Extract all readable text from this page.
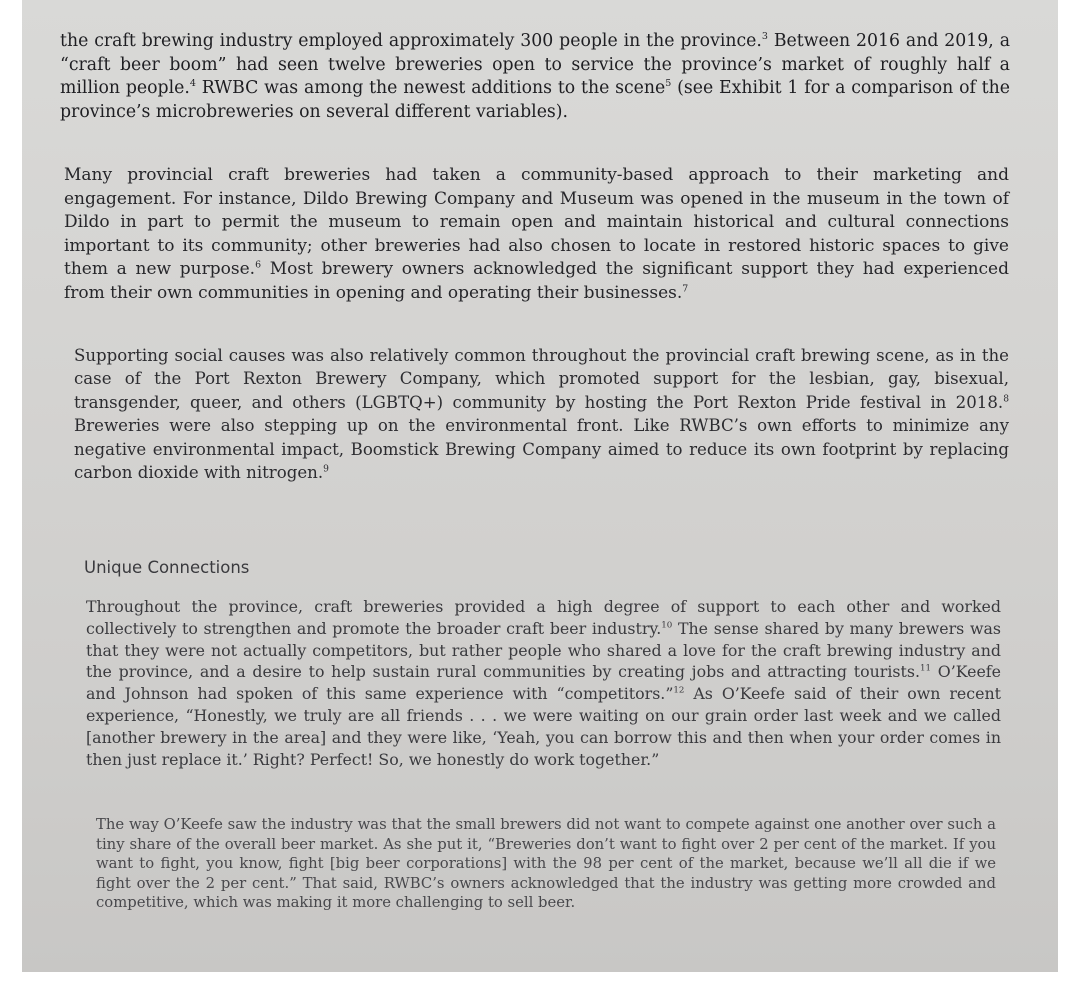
the craft brewing industry employed approximately 300 people in the province.$^3$ Between 2016 and 2019, a “craft beer boom” had seen twelve breweries open to service the province’s market of roughly half a million people.$^4$ RWBC was among the newest additions to the scene$^5$ (see Exhibit 1 for a comparison of the province’s microbreweries on several different variables).

Many provincial craft breweries had taken a community-based approach to their marketing and engagement. For instance, Dildo Brewing Company and Museum was opened in the museum in the town of Dildo in part to permit the museum to remain open and maintain historical and cultural connections important to its community; other breweries had also chosen to locate in restored historic spaces to give them a new purpose.$^6$ Most brewery owners acknowledged the significant support they had experienced from their own communities in opening and operating their businesses.$^7$

Supporting social causes was also relatively common throughout the provincial craft brewing scene, as in the case of the Port Rexton Brewery Company, which promoted support for the lesbian, gay, bisexual, transgender, queer, and others (LGBTQ+) community by hosting the Port Rexton Pride festival in 2018.$^8$ Breweries were also stepping up on the environmental front. Like RWBC’s own efforts to minimize any negative environmental impact, Boomstick Brewing Company aimed to reduce its own footprint by replacing carbon dioxide with nitrogen.$^9$

Unique Connections

Throughout the province, craft breweries provided a high degree of support to each other and worked collectively to strengthen and promote the broader craft beer industry.$^{10}$ The sense shared by many brewers was that they were not actually competitors, but rather people who shared a love for the craft brewing industry and the province, and a desire to help sustain rural communities by creating jobs and attracting tourists.$^{11}$ O’Keefe and Johnson had spoken of this same experience with “competitors.”$^{12}$ As O’Keefe said of their own recent experience, “Honestly, we truly are all friends . . . we were waiting on our grain order last week and we called [another brewery in the area] and they were like, ‘Yeah, you can borrow this and then when your order comes in then just replace it.’ Right? Perfect! So, we honestly do work together.”

The way O’Keefe saw the industry was that the small brewers did not want to compete against one another over such a tiny share of the overall beer market. As she put it, “Breweries don’t want to fight over 2 per cent of the market. If you want to fight, you know, fight [big beer corporations] with the 98 per cent of the market, because we’ll all die if we fight over the 2 per cent.” That said, RWBC’s owners acknowledged that the industry was getting more crowded and competitive, which was making it more challenging to sell beer.
